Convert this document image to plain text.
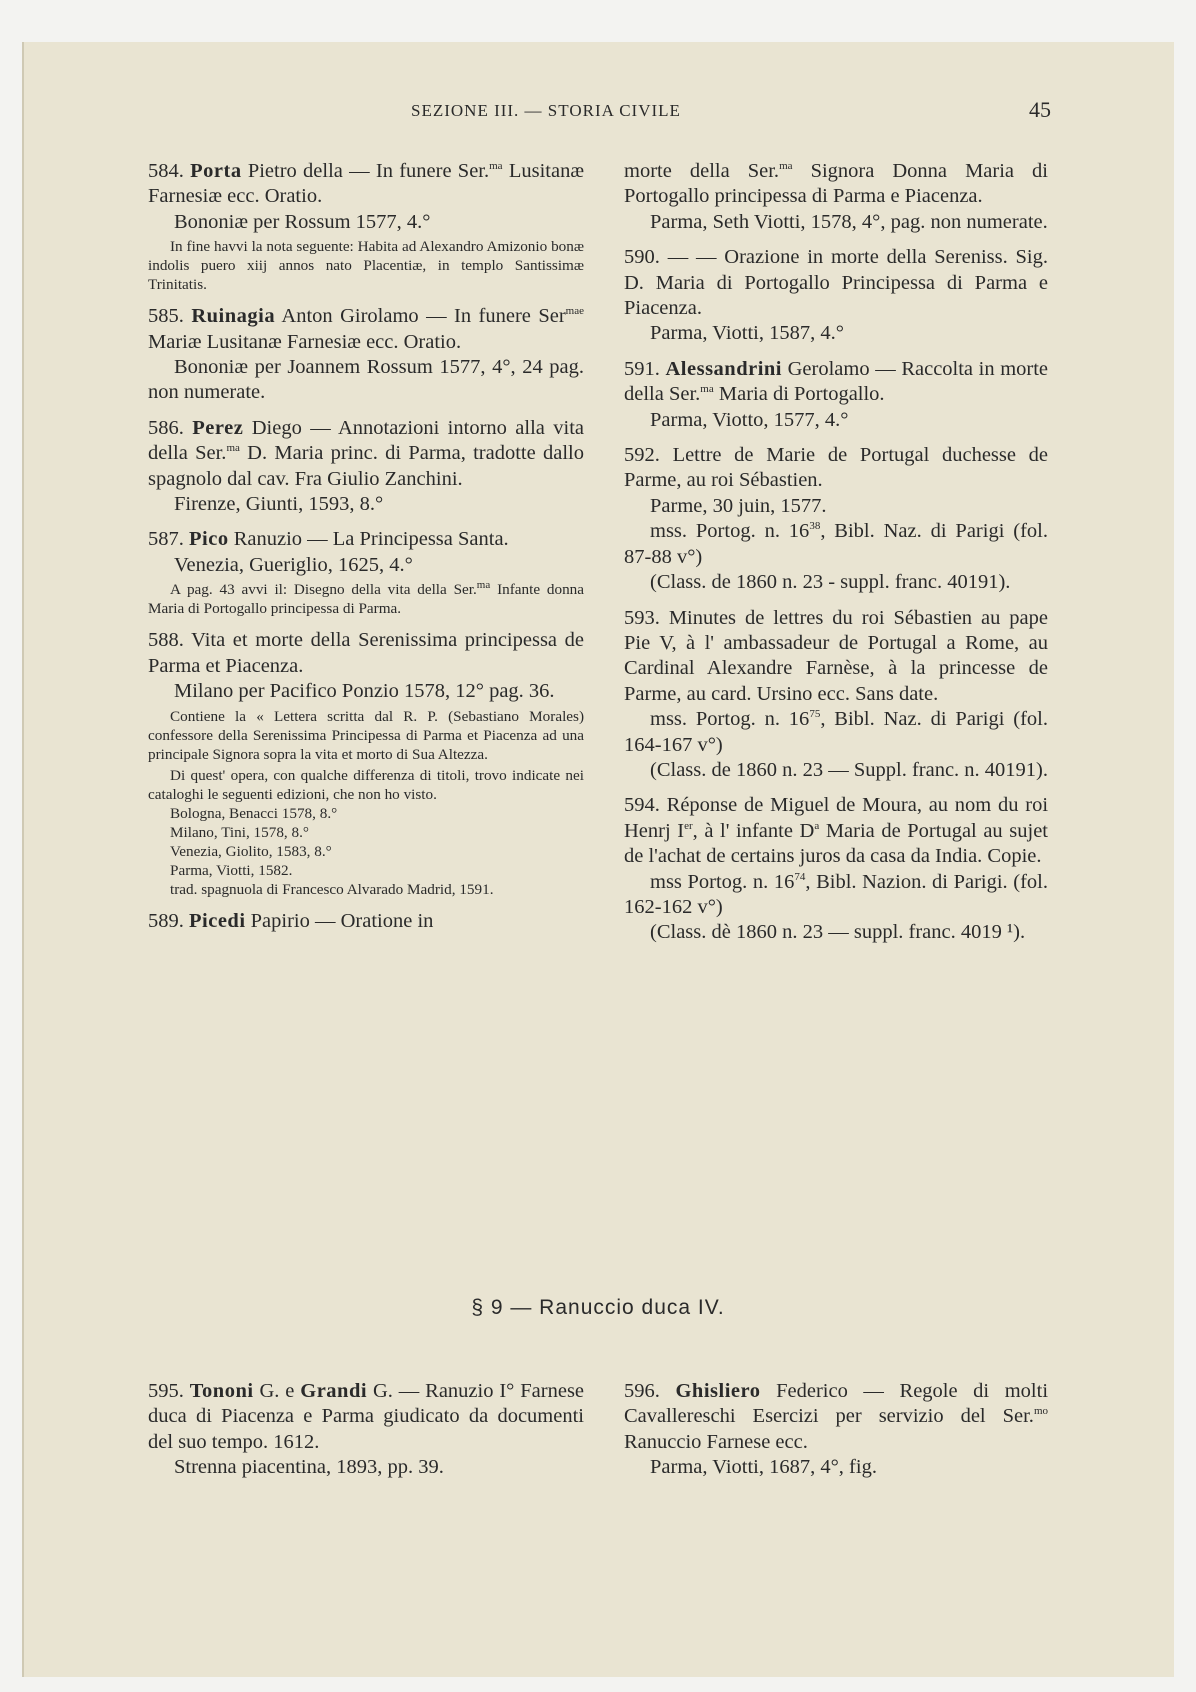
SEZIONE III. — STORIA CIVILE	45

584. Porta Pietro della — In funere Ser.$^{ma}$ Lusitanæ Farnesiæ ecc. Oratio.

Bononiæ per Rossum 1577, 4.°

In fine havvi la nota seguente: Habita ad Alexandro Amizonio bonæ indolis puero xiij annos nato Placentiæ, in templo Santissimæ Trinitatis.

585. Ruinagia Anton Girolamo — In funere Ser$^{mae}$ Mariæ Lusitanæ Farnesiæ ecc. Oratio.

Bononiæ per Joannem Rossum 1577, 4°, 24 pag. non numerate.

586. Perez Diego — Annotazioni intorno alla vita della Ser.$^{ma}$ D. Maria princ. di Parma, tradotte dallo spagnolo dal cav. Fra Giulio Zanchini.

Firenze, Giunti, 1593, 8.°

587. Pico Ranuzio — La Principessa Santa.

Venezia, Gueriglio, 1625, 4.°

A pag. 43 avvi il: Disegno della vita della Ser.$^{ma}$ Infante donna Maria di Portogallo principessa di Parma.

588. Vita et morte della Serenissima principessa de Parma et Piacenza.

Milano per Pacifico Ponzio 1578, 12° pag. 36.

Contiene la « Lettera scritta dal R. P. (Sebastiano Morales) confessore della Serenissima Principessa di Parma et Piacenza ad una principale Signora sopra la vita et morto di Sua Altezza.

Di quest' opera, con qualche differenza di titoli, trovo indicate nei cataloghi le seguenti edizioni, che non ho visto.

Bologna, Benacci 1578, 8.°

Milano, Tini, 1578, 8.°

Venezia, Giolito, 1583, 8.°

Parma, Viotti, 1582.

trad. spagnuola di Francesco Alvarado Madrid, 1591.

589. Picedi Papirio — Oratione in

morte della Ser.$^{ma}$ Signora Donna Maria di Portogallo principessa di Parma e Piacenza.

Parma, Seth Viotti, 1578, 4°, pag. non numerate.

590. — — Orazione in morte della Sereniss. Sig. D. Maria di Portogallo Principessa di Parma e Piacenza.

Parma, Viotti, 1587, 4.°

591. Alessandrini Gerolamo — Raccolta in morte della Ser.$^{ma}$ Maria di Portogallo.

Parma, Viotto, 1577, 4.°

592. Lettre de Marie de Portugal duchesse de Parme, au roi Sébastien.

Parme, 30 juin, 1577.

mss. Portog. n. $16^{38}$, Bibl. Naz. di Parigi (fol. 87-88 v°)

(Class. de 1860 n. 23 - suppl. franc. 40191).

593. Minutes de lettres du roi Sébastien au pape Pie V, à l' ambassadeur de Portugal a Rome, au Cardinal Alexandre Farnèse, à la princesse de Parme, au card. Ursino ecc. Sans date.

mss. Portog. n. $16^{75}$, Bibl. Naz. di Parigi (fol. 164-167 v°)

(Class. de 1860 n. 23 — Suppl. franc. n. 40191).

594. Réponse de Miguel de Moura, au nom du roi Henrj Ier, à l' infante $D^a$ Maria de Portugal au sujet de l'achat de certains juros da casa da India. Copie.

mss Portog. n. $16^{74}$, Bibl. Nazion. di Parigi. (fol. 162-162 v°)

(Class. dè 1860 n. 23 — suppl. franc. 4019 ¹).

§ 9 — Ranuccio duca IV.

595. Tononi G. e Grandi G. — Ranuzio I° Farnese duca di Piacenza e Parma giudicato da documenti del suo tempo. 1612.

Strenna piacentina, 1893, pp. 39.

596. Ghisliero Federico — Regole di molti Cavallereschi Esercizi per servizio del Ser.$^{mo}$ Ranuccio Farnese ecc.

Parma, Viotti, 1687, 4°, fig.
